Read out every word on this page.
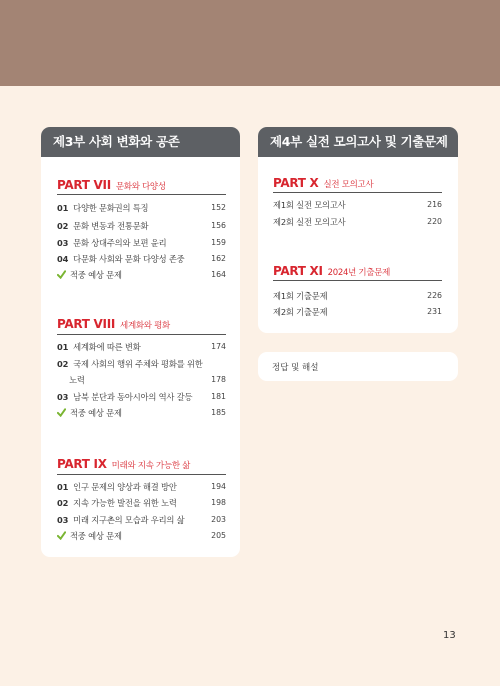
제3부 사회 변화와 공존
PART VII 문화와 다양성
01 다양한 문화권의 특징	152
02 문화 변동과 전통문화	156
03 문화 상대주의와 보편 윤리	159
04 다문화 사회와 문화 다양성 존중	162
적중 예상 문제	164
PART VIII 세계화와 평화
01 세계화에 따른 변화	174
02 국제 사회의 행위 주체와 평화를 위한
노력	178
03 남북 분단과 동아시아의 역사 갈등	181
적중 예상 문제	185
PART IX 미래와 지속 가능한 삶
01 인구 문제의 양상과 해결 방안	194
02 지속 가능한 발전을 위한 노력	198
03 미래 지구촌의 모습과 우리의 삶	203
적중 예상 문제	205
제4부 실전 모의고사 및 기출문제
PART X 실전 모의고사
제1회 실전 모의고사	216
제2회 실전 모의고사	220
PART XI 2024년 기출문제
제1회 기출문제	226
제2회 기출문제	231
정답 및 해설
13
